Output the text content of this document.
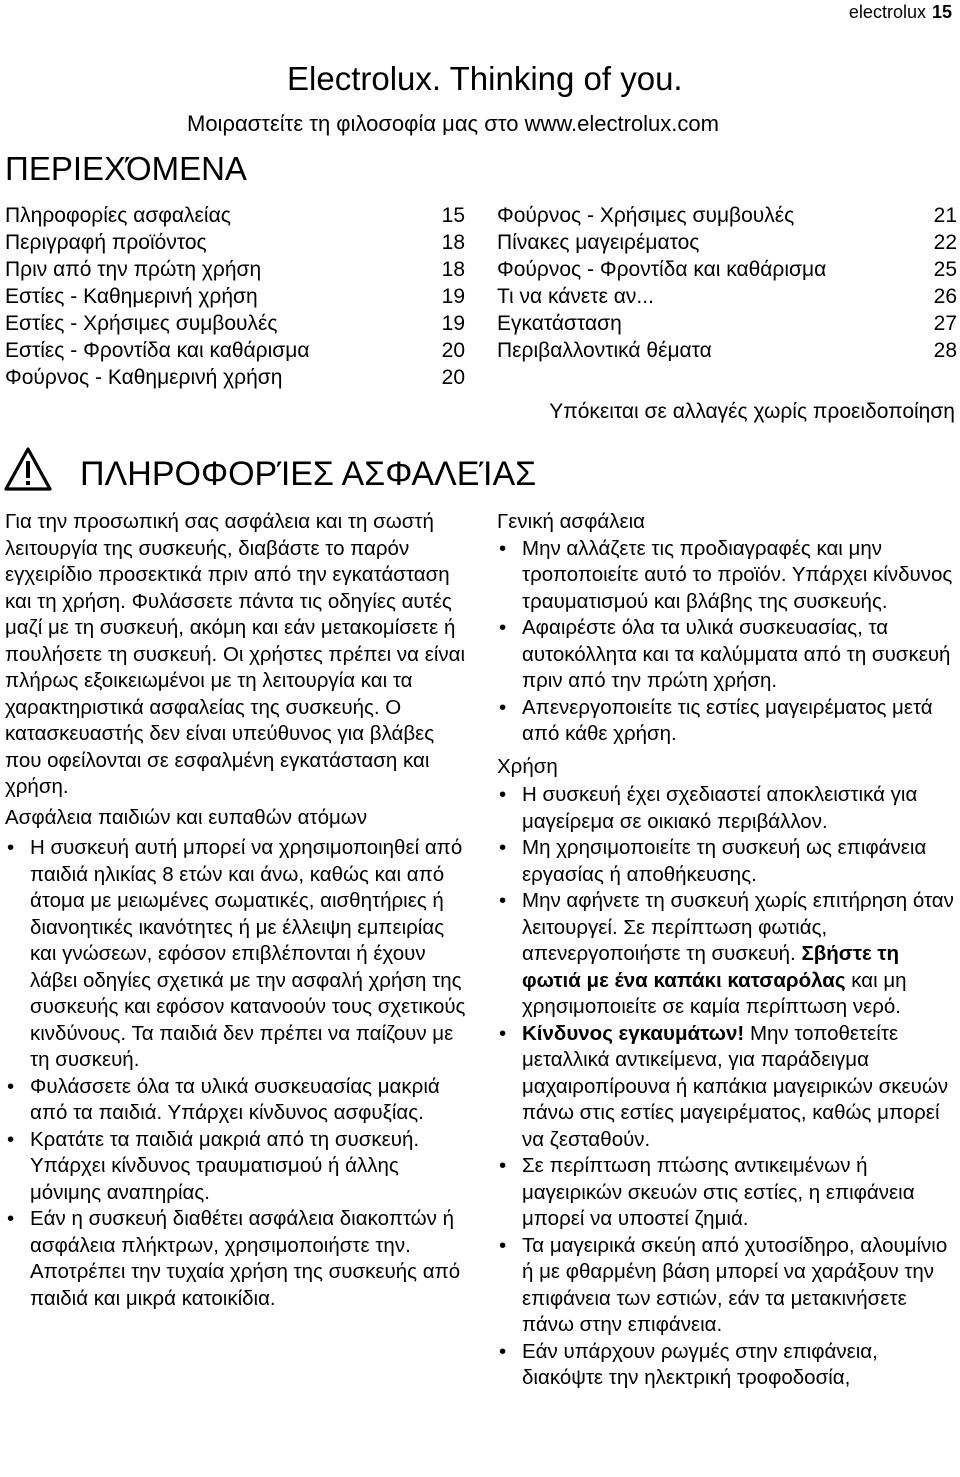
electrolux 15
Electrolux. Thinking of you.
Μοιραστείτε τη φιλοσοφία μας στο www.electrolux.com
ΠΕΡΙΕΧΌΜΕΝΑ
Πληροφορίες ασφαλείας	15
Περιγραφή προϊόντος	18
Πριν από την πρώτη χρήση	18
Εστίες - Καθημερινή χρήση	19
Εστίες - Χρήσιμες συμβουλές	19
Εστίες - Φροντίδα και καθάρισμα	20
Φούρνος - Καθημερινή χρήση	20
Φούρνος - Χρήσιμες συμβουλές	21
Πίνακες μαγειρέματος	22
Φούρνος - Φροντίδα και καθάρισμα	25
Τι να κάνετε αν...	26
Εγκατάσταση	27
Περιβαλλοντικά θέματα	28
Υπόκειται σε αλλαγές χωρίς προειδοποίηση
ΠΛΗΡΟΦΟΡΊΕΣ ΑΣΦΑΛΕΊΑΣ

Για την προσωπική σας ασφάλεια και τη σωστή λειτουργία της συσκευής, διαβάστε το παρόν εγχειρίδιο προσεκτικά πριν από την εγκατάσταση και τη χρήση. Φυλάσσετε πάντα τις οδηγίες αυτές μαζί με τη συσκευή, ακόμη και εάν μετακομίσετε ή πουλήσετε τη συσκευή. Οι χρήστες πρέπει να είναι πλήρως εξοικειωμένοι με τη λειτουργία και τα χαρακτηριστικά ασφαλείας της συσκευής. Ο κατασκευαστής δεν είναι υπεύθυνος για βλάβες που οφείλονται σε εσφαλμένη εγκατάσταση και χρήση.

Ασφάλεια παιδιών και ευπαθών ατόμων

• Η συσκευή αυτή μπορεί να χρησιμοποιηθεί από παιδιά ηλικίας 8 ετών και άνω, καθώς και από άτομα με μειωμένες σωματικές, αισθητήριες ή διανοητικές ικανότητες ή με έλλειψη εμπειρίας και γνώσεων, εφόσον επιβλέπονται ή έχουν λάβει οδηγίες σχετικά με την ασφαλή χρήση της συσκευής και εφόσον κατανοούν τους σχετικούς κινδύνους. Τα παιδιά δεν πρέπει να παίζουν με τη συσκευή.
• Φυλάσσετε όλα τα υλικά συσκευασίας μακριά από τα παιδιά. Υπάρχει κίνδυνος ασφυξίας.
• Κρατάτε τα παιδιά μακριά από τη συσκευή. Υπάρχει κίνδυνος τραυματισμού ή άλλης μόνιμης αναπηρίας.
• Εάν η συσκευή διαθέτει ασφάλεια διακοπτών ή ασφάλεια πλήκτρων, χρησιμοποιήστε την. Αποτρέπει την τυχαία χρήση της συσκευής από παιδιά και μικρά κατοικίδια.

Γενική ασφάλεια

• Μην αλλάζετε τις προδιαγραφές και μην τροποποιείτε αυτό το προϊόν. Υπάρχει κίνδυνος τραυματισμού και βλάβης της συσκευής.
• Αφαιρέστε όλα τα υλικά συσκευασίας, τα αυτοκόλλητα και τα καλύμματα από τη συσκευή πριν από την πρώτη χρήση.
• Απενεργοποιείτε τις εστίες μαγειρέματος μετά από κάθε χρήση.

Χρήση

• Η συσκευή έχει σχεδιαστεί αποκλειστικά για μαγείρεμα σε οικιακό περιβάλλον.
• Μη χρησιμοποιείτε τη συσκευή ως επιφάνεια εργασίας ή αποθήκευσης.
• Μην αφήνετε τη συσκευή χωρίς επιτήρηση όταν λειτουργεί. Σε περίπτωση φωτιάς, απενεργοποιήστε τη συσκευή. Σβήστε τη φωτιά με ένα καπάκι κατσαρόλας και μη χρησιμοποιείτε σε καμία περίπτωση νερό.
• Κίνδυνος εγκαυμάτων! Μην τοποθετείτε μεταλλικά αντικείμενα, για παράδειγμα μαχαιροπίρουνα ή καπάκια μαγειρικών σκευών πάνω στις εστίες μαγειρέματος, καθώς μπορεί να ζεσταθούν.
• Σε περίπτωση πτώσης αντικειμένων ή μαγειρικών σκευών στις εστίες, η επιφάνεια μπορεί να υποστεί ζημιά.
• Τα μαγειρικά σκεύη από χυτοσίδηρο, αλουμίνιο ή με φθαρμένη βάση μπορεί να χαράξουν την επιφάνεια των εστιών, εάν τα μετακινήσετε πάνω στην επιφάνεια.
• Εάν υπάρχουν ρωγμές στην επιφάνεια, διακόψτε την ηλεκτρική τροφοδοσία,
